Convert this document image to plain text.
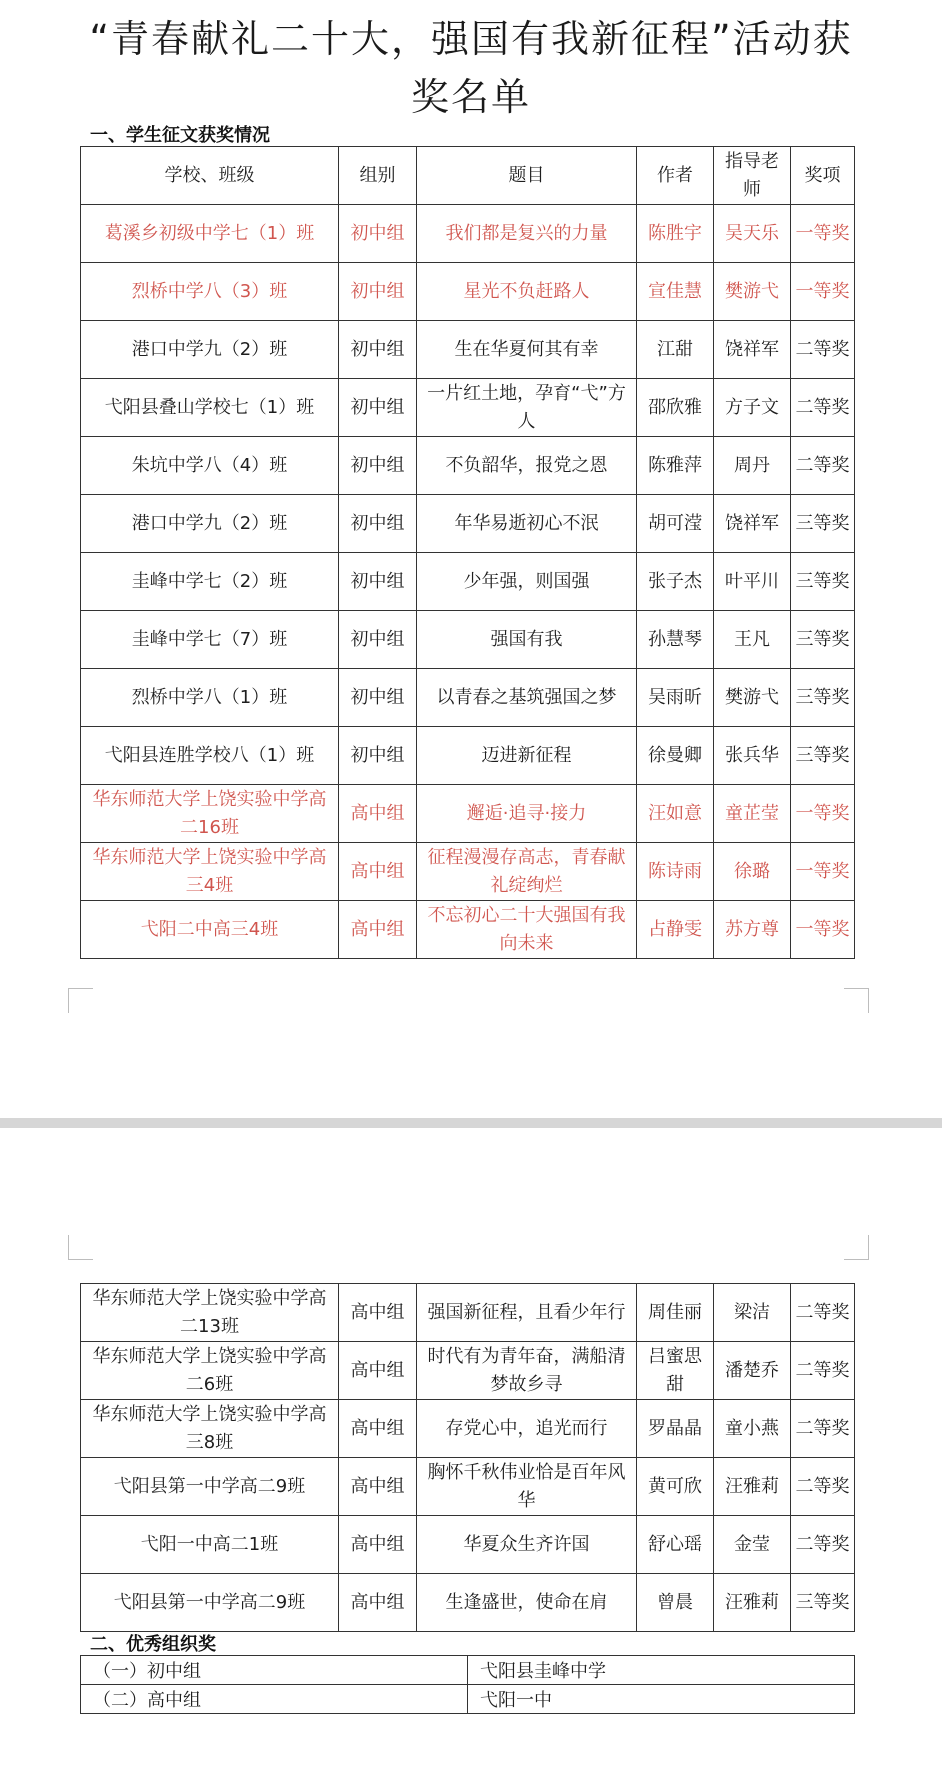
“青春献礼二十大，强国有我新征程”活动获
奖名单
一、学生征文获奖情况
学校、班级	组别	题目	作者	指导老师	奖项
葛溪乡初级中学七（1）班	初中组	我们都是复兴的力量	陈胜宇	吴天乐	一等奖
烈桥中学八（3）班	初中组	星光不负赶路人	宣佳慧	樊游弋	一等奖
港口中学九（2）班	初中组	生在华夏何其有幸	江甜	饶祥军	二等奖
弋阳县叠山学校七（1）班	初中组	一片红土地，孕育“弋”方人	邵欣雅	方子文	二等奖
朱坑中学八（4）班	初中组	不负韶华，报党之恩	陈雅萍	周丹	二等奖
港口中学九（2）班	初中组	年华易逝初心不泯	胡可滢	饶祥军	三等奖
圭峰中学七（2）班	初中组	少年强，则国强	张子杰	叶平川	三等奖
圭峰中学七（7）班	初中组	强国有我	孙慧琴	王凡	三等奖
烈桥中学八（1）班	初中组	以青春之基筑强国之梦	吴雨昕	樊游弋	三等奖
弋阳县连胜学校八（1）班	初中组	迈进新征程	徐曼卿	张兵华	三等奖
华东师范大学上饶实验中学高二16班	高中组	邂逅·追寻·接力	汪如意	童芷莹	一等奖
华东师范大学上饶实验中学高三4班	高中组	征程漫漫存高志，青春献礼绽绚烂	陈诗雨	徐璐	一等奖
弋阳二中高三4班	高中组	不忘初心二十大强国有我向未来	占静雯	苏方尊	一等奖
华东师范大学上饶实验中学高二13班	高中组	强国新征程，且看少年行	周佳丽	梁洁	二等奖
华东师范大学上饶实验中学高二6班	高中组	时代有为青年奋，满船清梦故乡寻	吕蜜思甜	潘楚乔	二等奖
华东师范大学上饶实验中学高三8班	高中组	存党心中，追光而行	罗晶晶	童小燕	二等奖
弋阳县第一中学高二9班	高中组	胸怀千秋伟业恰是百年风华	黄可欣	汪雅莉	二等奖
弋阳一中高二1班	高中组	华夏众生齐许国	舒心瑶	金莹	二等奖
弋阳县第一中学高二9班	高中组	生逢盛世，使命在肩	曾晨	汪雅莉	三等奖
二、优秀组织奖
（一）初中组	弋阳县圭峰中学
（二）高中组	弋阳一中
